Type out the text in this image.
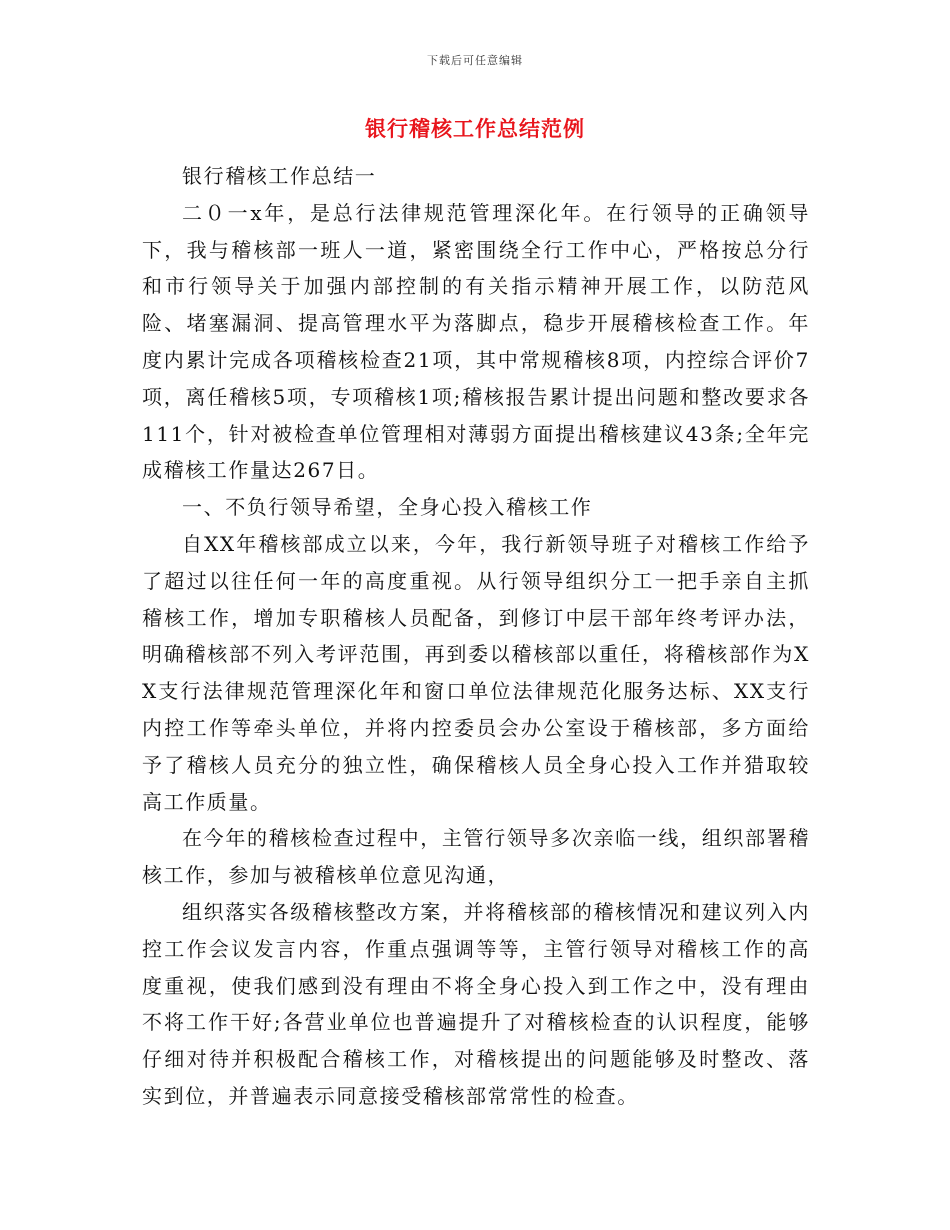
下载后可任意编辑
银行稽核工作总结范例

银行稽核工作总结一

二０一x年，是总行法律规范管理深化年。在行领导的正确领导下，我与稽核部一班人一道，紧密围绕全行工作中心，严格按总分行和市行领导关于加强内部控制的有关指示精神开展工作，以防范风险、堵塞漏洞、提高管理水平为落脚点，稳步开展稽核检查工作。年度内累计完成各项稽核检查21项，其中常规稽核8项，内控综合评价7项，离任稽核5项，专项稽核1项;稽核报告累计提出问题和整改要求各111个，针对被检查单位管理相对薄弱方面提出稽核建议43条;全年完成稽核工作量达267日。

一、不负行领导希望，全身心投入稽核工作

自XX年稽核部成立以来，今年，我行新领导班子对稽核工作给予了超过以往任何一年的高度重视。从行领导组织分工一把手亲自主抓稽核工作，增加专职稽核人员配备，到修订中层干部年终考评办法，明确稽核部不列入考评范围，再到委以稽核部以重任，将稽核部作为XX支行法律规范管理深化年和窗口单位法律规范化服务达标、XX支行内控工作等牵头单位，并将内控委员会办公室设于稽核部，多方面给予了稽核人员充分的独立性，确保稽核人员全身心投入工作并猎取较高工作质量。

在今年的稽核检查过程中，主管行领导多次亲临一线，组织部署稽核工作，参加与被稽核单位意见沟通，

组织落实各级稽核整改方案，并将稽核部的稽核情况和建议列入内控工作会议发言内容，作重点强调等等，主管行领导对稽核工作的高度重视，使我们感到没有理由不将全身心投入到工作之中，没有理由不将工作干好;各营业单位也普遍提升了对稽核检查的认识程度，能够仔细对待并积极配合稽核工作，对稽核提出的问题能够及时整改、落实到位，并普遍表示同意接受稽核部常常性的检查。
